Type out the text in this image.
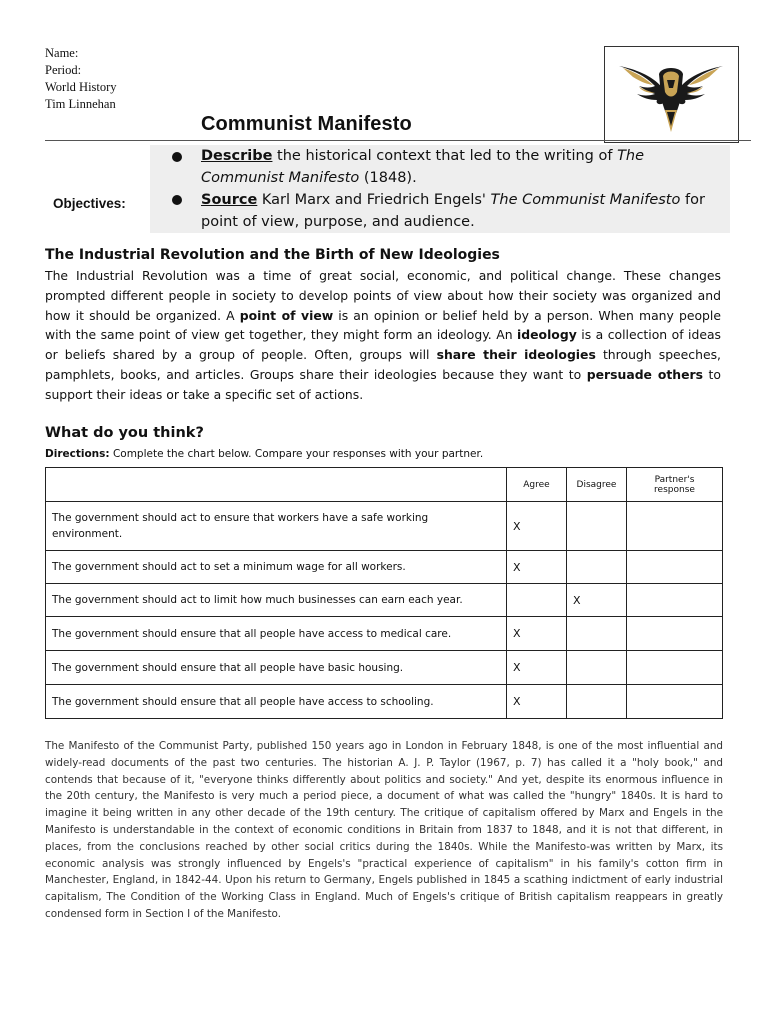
Name:
Period:
World History
Tim Linnehan
Communist Manifesto
Objectives:
Describe the historical context that led to the writing of The Communist Manifesto (1848).
Source Karl Marx and Friedrich Engels' The Communist Manifesto for point of view, purpose, and audience.
The Industrial Revolution and the Birth of New Ideologies
The Industrial Revolution was a time of great social, economic, and political change. These changes prompted different people in society to develop points of view about how their society was organized and how it should be organized. A point of view is an opinion or belief held by a person. When many people with the same point of view get together, they might form an ideology. An ideology is a collection of ideas or beliefs shared by a group of people. Often, groups will share their ideologies through speeches, pamphlets, books, and articles. Groups share their ideologies because they want to persuade others to support their ideas or take a specific set of actions.
What do you think?
Directions: Complete the chart below. Compare your responses with your partner.
	Agree	Disagree	Partner's response
The government should act to ensure that workers have a safe working environment.	X		
The government should act to set a minimum wage for all workers.	X		
The government should act to limit how much businesses can earn each year.		X	
The government should ensure that all people have access to medical care.	X		
The government should ensure that all people have basic housing.	X		
The government should ensure that all people have access to schooling.	X		
The Manifesto of the Communist Party, published 150 years ago in London in February 1848, is one of the most influential and widely-read documents of the past two centuries. The historian A. J. P. Taylor (1967, p. 7) has called it a "holy book," and contends that because of it, "everyone thinks differently about politics and society." And yet, despite its enormous influence in the 20th century, the Manifesto is very much a period piece, a document of what was called the "hungry" 1840s. It is hard to imagine it being written in any other decade of the 19th century. The critique of capitalism offered by Marx and Engels in the Manifesto is understandable in the context of economic conditions in Britain from 1837 to 1848, and it is not that different, in places, from the conclusions reached by other social critics during the 1840s. While the Manifesto-was written by Marx, its economic analysis was strongly influenced by Engels's "practical experience of capitalism" in his family's cotton firm in Manchester, England, in 1842-44. Upon his return to Germany, Engels published in 1845 a scathing indictment of early industrial capitalism, The Condition of the Working Class in England. Much of Engels's critique of British capitalism reappears in greatly condensed form in Section I of the Manifesto.
